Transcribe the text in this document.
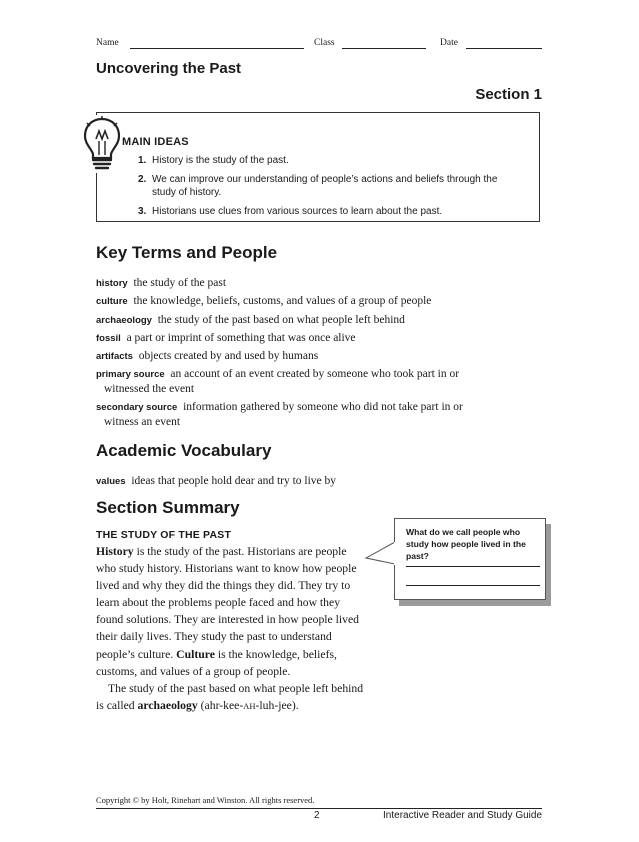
Name	Class	Date
Uncovering the Past
Section 1
MAIN IDEAS
1. History is the study of the past.
2. We can improve our understanding of people’s actions and beliefs through the study of history.
3. Historians use clues from various sources to learn about the past.
Key Terms and People
history the study of the past
culture the knowledge, beliefs, customs, and values of a group of people
archaeology the study of the past based on what people left behind
fossil a part or imprint of something that was once alive
artifacts objects created by and used by humans
primary source an account of an event created by someone who took part in or
witnessed the event
secondary source information gathered by someone who did not take part in or
witness an event
Academic Vocabulary
values ideas that people hold dear and try to live by
Section Summary
THE STUDY OF THE PAST
History is the study of the past. Historians are people who study history. Historians want to know how people lived and why they did the things they did. They try to learn about the problems people faced and how they found solutions. They are interested in how people lived their daily lives. They study the past to understand people’s culture. Culture is the knowledge, beliefs, customs, and values of a group of people.
The study of the past based on what people left behind is called archaeology (ahr-kee-AH-luh-jee).
What do we call people who study how people lived in the past?
Copyright © by Holt, Rinehart and Winston. All rights reserved.
2	Interactive Reader and Study Guide
